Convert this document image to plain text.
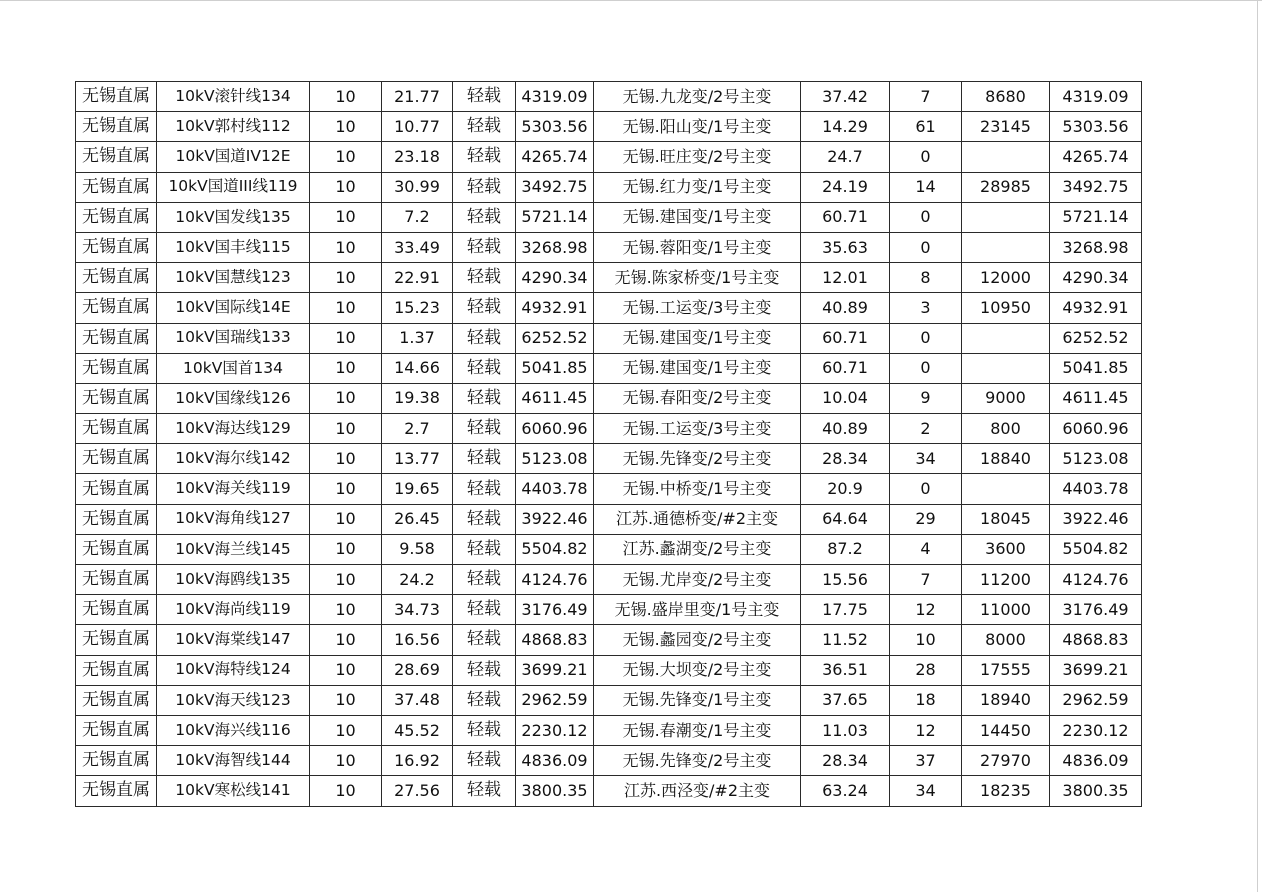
无锡直属	10kV滚针线134	10	21.77	轻载	4319.09	无锡.九龙变/2号主变	37.42	7	8680	4319.09
无锡直属	10kV郭村线112	10	10.77	轻载	5303.56	无锡.阳山变/1号主变	14.29	61	23145	5303.56
无锡直属	10kV国道IV12E	10	23.18	轻载	4265.74	无锡.旺庄变/2号主变	24.7	0		4265.74
无锡直属	10kV国道III线119	10	30.99	轻载	3492.75	无锡.红力变/1号主变	24.19	14	28985	3492.75
无锡直属	10kV国发线135	10	7.2	轻载	5721.14	无锡.建国变/1号主变	60.71	0		5721.14
无锡直属	10kV国丰线115	10	33.49	轻载	3268.98	无锡.蓉阳变/1号主变	35.63	0		3268.98
无锡直属	10kV国慧线123	10	22.91	轻载	4290.34	无锡.陈家桥变/1号主变	12.01	8	12000	4290.34
无锡直属	10kV国际线14E	10	15.23	轻载	4932.91	无锡.工运变/3号主变	40.89	3	10950	4932.91
无锡直属	10kV国瑞线133	10	1.37	轻载	6252.52	无锡.建国变/1号主变	60.71	0		6252.52
无锡直属	10kV国首134	10	14.66	轻载	5041.85	无锡.建国变/1号主变	60.71	0		5041.85
无锡直属	10kV国缘线126	10	19.38	轻载	4611.45	无锡.春阳变/2号主变	10.04	9	9000	4611.45
无锡直属	10kV海达线129	10	2.7	轻载	6060.96	无锡.工运变/3号主变	40.89	2	800	6060.96
无锡直属	10kV海尔线142	10	13.77	轻载	5123.08	无锡.先锋变/2号主变	28.34	34	18840	5123.08
无锡直属	10kV海关线119	10	19.65	轻载	4403.78	无锡.中桥变/1号主变	20.9	0		4403.78
无锡直属	10kV海角线127	10	26.45	轻载	3922.46	江苏.通德桥变/#2主变	64.64	29	18045	3922.46
无锡直属	10kV海兰线145	10	9.58	轻载	5504.82	江苏.蠡湖变/2号主变	87.2	4	3600	5504.82
无锡直属	10kV海鸥线135	10	24.2	轻载	4124.76	无锡.尤岸变/2号主变	15.56	7	11200	4124.76
无锡直属	10kV海尚线119	10	34.73	轻载	3176.49	无锡.盛岸里变/1号主变	17.75	12	11000	3176.49
无锡直属	10kV海棠线147	10	16.56	轻载	4868.83	无锡.蠡园变/2号主变	11.52	10	8000	4868.83
无锡直属	10kV海特线124	10	28.69	轻载	3699.21	无锡.大坝变/2号主变	36.51	28	17555	3699.21
无锡直属	10kV海天线123	10	37.48	轻载	2962.59	无锡.先锋变/1号主变	37.65	18	18940	2962.59
无锡直属	10kV海兴线116	10	45.52	轻载	2230.12	无锡.春潮变/1号主变	11.03	12	14450	2230.12
无锡直属	10kV海智线144	10	16.92	轻载	4836.09	无锡.先锋变/2号主变	28.34	37	27970	4836.09
无锡直属	10kV寒松线141	10	27.56	轻载	3800.35	江苏.西泾变/#2主变	63.24	34	18235	3800.35
